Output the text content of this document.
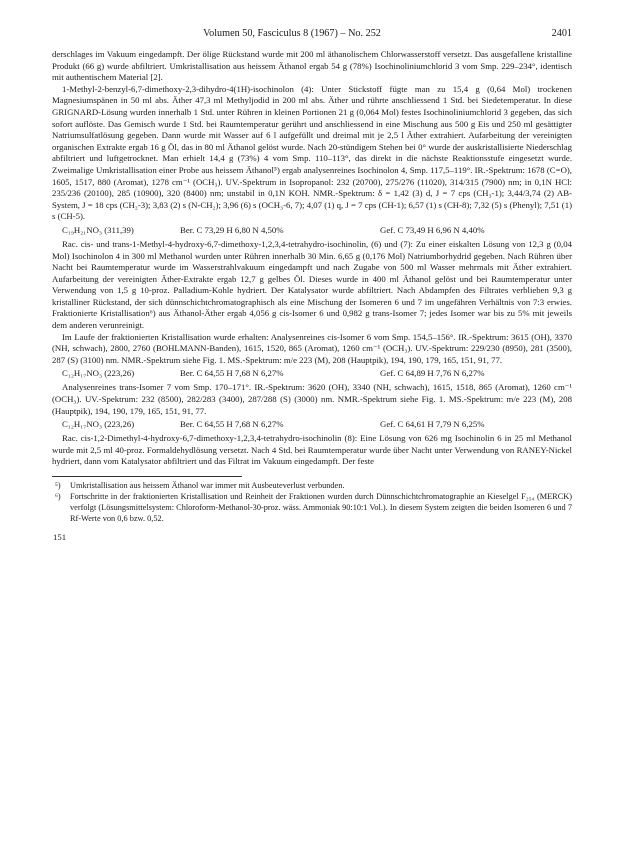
Volumen 50, Fasciculus 8 (1967) – No. 252	2401

derschlages im Vakuum eingedampft. Der ölige Rückstand wurde mit 200 ml äthanolischem Chlorwasserstoff versetzt. Das ausgefallene kristalline Produkt (66 g) wurde abfiltriert. Umkristallisation aus heissem Äthanol ergab 54 g (78%) Isochinoliniumchlorid 3 vom Smp. 229–234°, identisch mit authentischem Material [2].

1-Methyl-2-benzyl-6,7-dimethoxy-2,3-dihydro-4(1H)-isochinolon (4): Unter Stickstoff fügte man zu 15,4 g (0,64 Mol) trockenen Magnesiumspänen in 50 ml abs. Äther 47,3 ml Methyljodid in 200 ml abs. Äther und rührte anschliessend 1 Std. bei Siedetemperatur. In diese GRIGNARD-Lösung wurden innerhalb 1 Std. unter Rühren in kleinen Portionen 21 g (0,064 Mol) festes Isochinoliniumchlorid 3 gegeben, das sich sofort auflöste. Das Gemisch wurde 1 Std. bei Raumtemperatur gerührt und anschliessend in eine Mischung aus 500 g Eis und 250 ml gesättigter Natriumsulfatlösung gegeben. Dann wurde mit Wasser auf 6 l aufgefüllt und dreimal mit je 2,5 l Äther extrahiert. Aufarbeitung der vereinigten organischen Extrakte ergab 16 g Öl, das in 80 ml Äthanol gelöst wurde. Nach 20-stündigem Stehen bei 0° wurde der auskristallisierte Niederschlag abfiltriert und luftgetrocknet. Man erhielt 14,4 g (73%) 4 vom Smp. 110–113°, das direkt in die nächste Reaktionsstufe eingesetzt wurde. Zweimalige Umkristallisation einer Probe aus heissem Äthanol⁵) ergab analysenreines Isochinolon 4, Smp. 117,5–119°. IR.-Spektrum: 1678 (C=O), 1605, 1517, 880 (Aromat), 1278 cm⁻¹ (OCH₃). UV.-Spektrum in Isopropanol: 232 (20700), 275/276 (11020), 314/315 (7900) nm; in 0,1N HCl: 235/236 (20100), 285 (10900), 320 (8400) nm; unstabil in 0,1N KOH. NMR.-Spektrum: δ = 1,42 (3) d, J = 7 cps (CH₃-1); 3,44/3,74 (2) AB-System, J = 18 cps (CH₂-3); 3,83 (2) s (N-CH₂); 3,96 (6) s (OCH₃-6, 7); 4,07 (1) q, J = 7 cps (CH-1); 6,57 (1) s (CH-8); 7,32 (5) s (Phenyl); 7,51 (1) s (CH-5).

C₁₉H₂₁NO₃ (311,39)	Ber. C 73,29 H 6,80 N 4,50%	Gef. C 73,49 H 6,96 N 4,40%

Rac. cis- und trans-1-Methyl-4-hydroxy-6,7-dimethoxy-1,2,3,4-tetrahydro-isochinolin, (6) und (7): Zu einer eiskalten Lösung von 12,3 g (0,04 Mol) Isochinolon 4 in 300 ml Methanol wurden unter Rühren innerhalb 30 Min. 6,65 g (0,176 Mol) Natriumborhydrid gegeben. Nach Rühren über Nacht bei Raumtemperatur wurde im Wasserstrahlvakuum eingedampft und nach Zugabe von 500 ml Wasser mehrmals mit Äther extrahiert. Aufarbeitung der vereinigten Äther-Extrakte ergab 12,7 g gelbes Öl. Dieses wurde in 400 ml Äthanol gelöst und bei Raumtemperatur unter Verwendung von 1,5 g 10-proz. Palladium-Kohle hydriert. Der Katalysator wurde abfiltriert. Nach Abdampfen des Filtrates verblieben 9,3 g kristalliner Rückstand, der sich dünnschichtchromatographisch als eine Mischung der Isomeren 6 und 7 im ungefähren Verhältnis von 7:3 erwies. Fraktionierte Kristallisation⁶) aus Äthanol-Äther ergab 4,056 g cis-Isomer 6 und 0,982 g trans-Isomer 7; jedes Isomer war bis zu 5% mit jeweils dem anderen verunreinigt.

Im Laufe der fraktionierten Kristallisation wurde erhalten: Analysenreines cis-Isomer 6 vom Smp. 154,5–156°. IR.-Spektrum: 3615 (OH), 3370 (NH, schwach), 2800, 2760 (BOHLMANN-Banden), 1615, 1520, 865 (Aromat), 1260 cm⁻¹ (OCH₃). UV.-Spektrum: 229/230 (8950), 281 (3500), 287 (S) (3100) nm. NMR.-Spektrum siehe Fig. 1. MS.-Spektrum: m/e 223 (M), 208 (Hauptpik), 194, 190, 179, 165, 151, 91, 77.

C₁₂H₁₇NO₃ (223,26)	Ber. C 64,55 H 7,68 N 6,27%	Gef. C 64,89 H 7,76 N 6,27%

Analysenreines trans-Isomer 7 vom Smp. 170–171°. IR.-Spektrum: 3620 (OH), 3340 (NH, schwach), 1615, 1518, 865 (Aromat), 1260 cm⁻¹ (OCH₃). UV.-Spektrum: 232 (8500), 282/283 (3400), 287/288 (S) (3000) nm. NMR.-Spektrum siehe Fig. 1. MS.-Spektrum: m/e 223 (M), 208 (Hauptpik), 194, 190, 179, 165, 151, 91, 77.

C₁₂H₁₇NO₃ (223,26)	Ber. C 64,55 H 7,68 N 6,27%	Gef. C 64,61 H 7,79 N 6,25%

Rac. cis-1,2-Dimethyl-4-hydroxy-6,7-dimethoxy-1,2,3,4-tetrahydro-isochinolin (8): Eine Lösung von 626 mg Isochinolin 6 in 25 ml Methanol wurde mit 2,5 ml 40-proz. Formaldehydlösung versetzt. Nach 4 Std. bei Raumtemperatur wurde über Nacht unter Verwendung von RANEY-Nickel hydriert, dann vom Katalysator abfiltriert und das Filtrat im Vakuum eingedampft. Der feste

⁵) Umkristallisation aus heissem Äthanol war immer mit Ausbeuteverlust verbunden.
⁶) Fortschritte in der fraktionierten Kristallisation und Reinheit der Fraktionen wurden durch Dünnschichtchromatographie an Kieselgel F₂₅₄ (MERCK) verfolgt (Lösungsmittelsystem: Chloroform-Methanol-30-proz. wäss. Ammoniak 90:10:1 Vol.). In diesem System zeigten die beiden Isomeren 6 und 7 Rf-Werte von 0,6 bzw. 0,52.
151
